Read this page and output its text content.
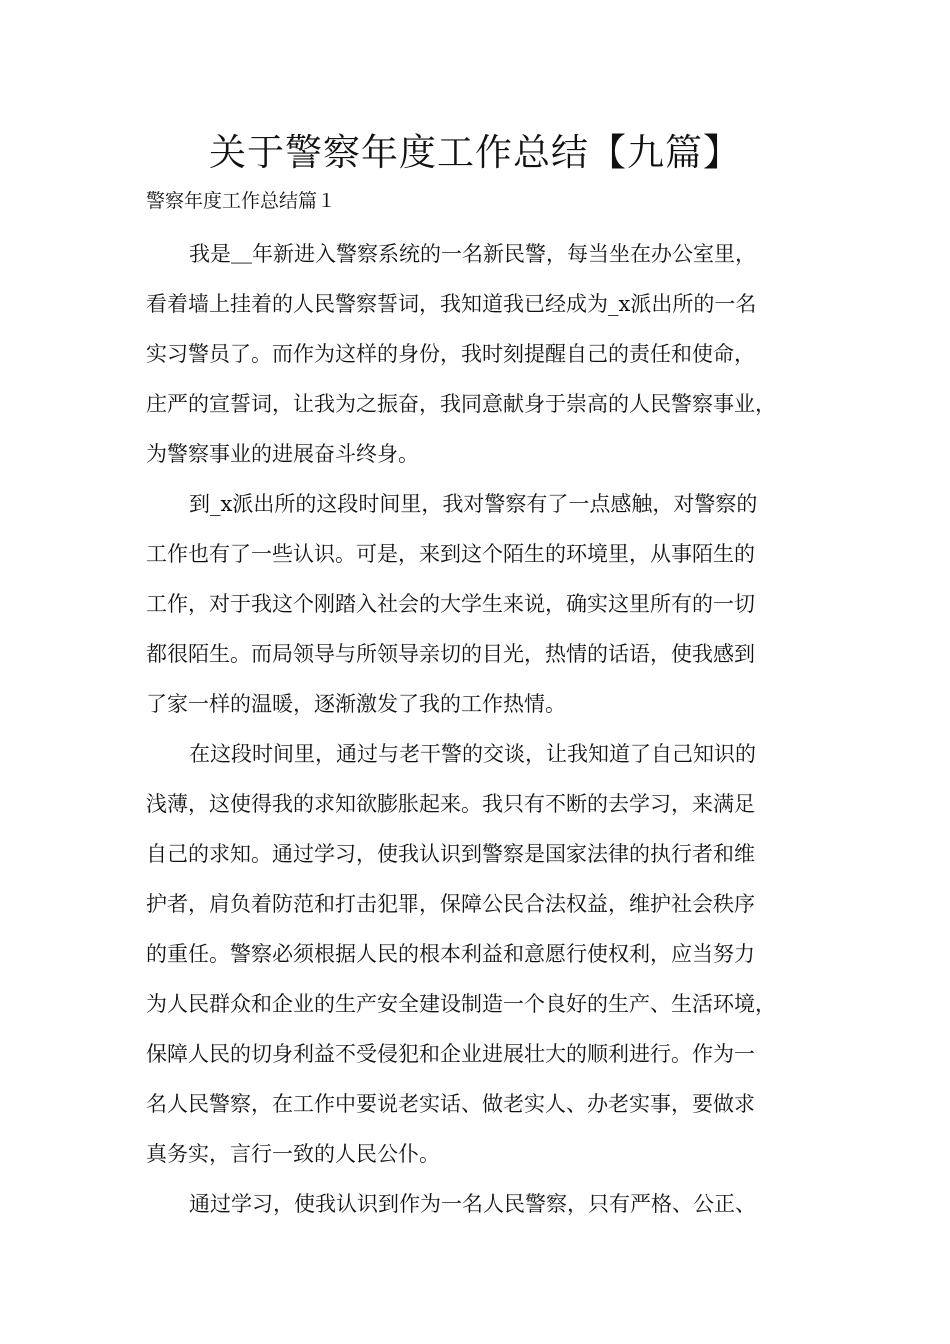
关于警察年度工作总结【九篇】

警察年度工作总结篇１

我是＿年新进入警察系统的一名新民警，每当坐在办公室里，
看着墙上挂着的人民警察誓词，我知道我已经成为_x派出所的一名
实习警员了。而作为这样的身份，我时刻提醒自己的责任和使命，
庄严的宣誓词，让我为之振奋，我同意献身于崇高的人民警察事业，
为警察事业的进展奋斗终身。
到_x派出所的这段时间里，我对警察有了一点感触，对警察的
工作也有了一些认识。可是，来到这个陌生的环境里，从事陌生的
工作，对于我这个刚踏入社会的大学生来说，确实这里所有的一切
都很陌生。而局领导与所领导亲切的目光，热情的话语，使我感到
了家一样的温暖，逐渐激发了我的工作热情。
在这段时间里，通过与老干警的交谈，让我知道了自己知识的
浅薄，这使得我的求知欲膨胀起来。我只有不断的去学习，来满足
自己的求知。通过学习，使我认识到警察是国家法律的执行者和维
护者，肩负着防范和打击犯罪，保障公民合法权益，维护社会秩序
的重任。警察必须根据人民的根本利益和意愿行使权利，应当努力
为人民群众和企业的生产安全建设制造一个良好的生产、生活环境，
保障人民的切身利益不受侵犯和企业进展壮大的顺利进行。作为一
名人民警察，在工作中要说老实话、做老实人、办老实事，要做求
真务实，言行一致的人民公仆。
通过学习，使我认识到作为一名人民警察，只有严格、公正、
